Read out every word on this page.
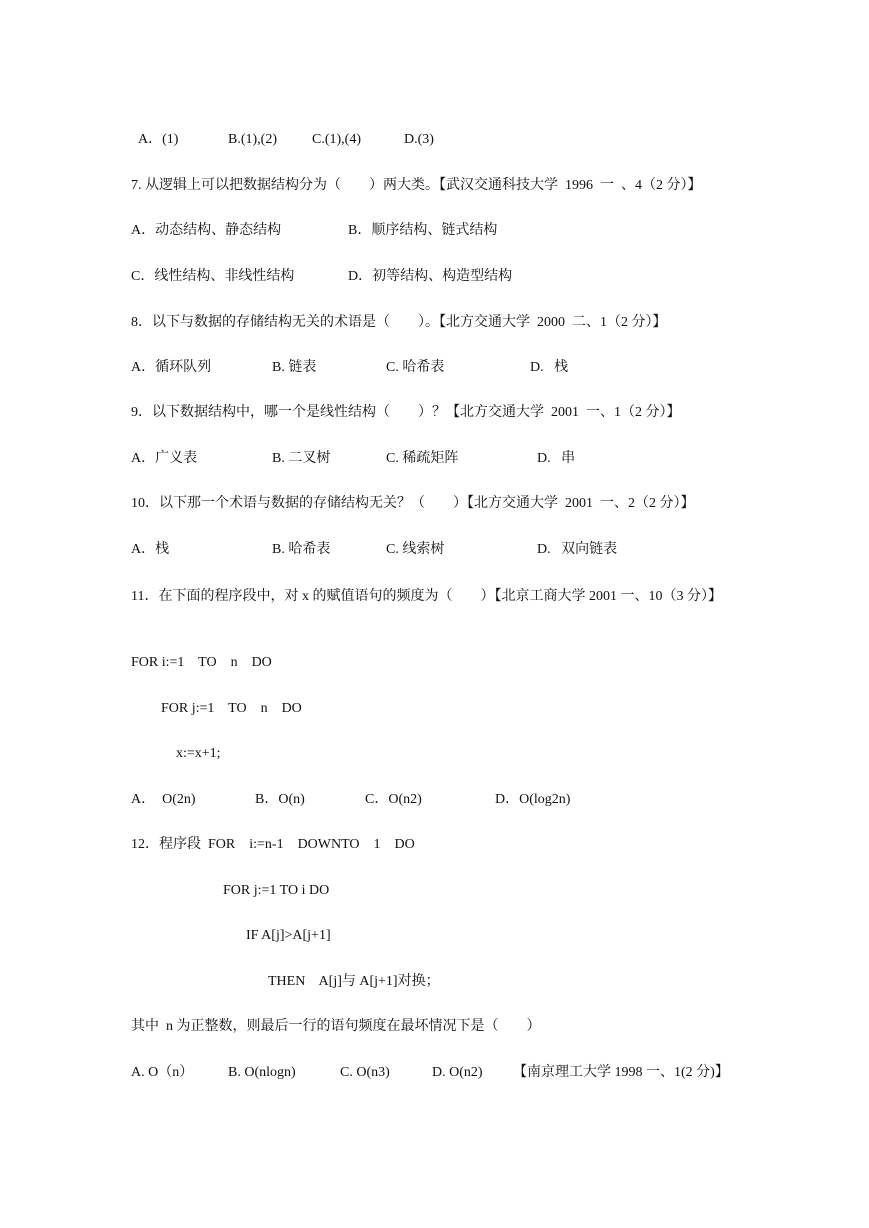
A．(1)	B.(1),(2)	C.(1),(4)	D.(3)
7. 从逻辑上可以把数据结构分为（　　）两大类。【武汉交通科技大学  1996  一  、4（2 分）】
A．动态结构、静态结构	B．顺序结构、链式结构
C．线性结构、非线性结构	D．初等结构、构造型结构
8．以下与数据的存储结构无关的术语是（　　）。【北方交通大学  2000  二、1（2 分）】
A．循环队列	B. 链表	C. 哈希表	D.   栈
9．以下数据结构中，哪一个是线性结构（　　）？【北方交通大学  2001  一、1（2 分）】
A．广义表	B. 二叉树	C. 稀疏矩阵	D.   串
10．以下那一个术语与数据的存储结构无关？（　　）【北方交通大学  2001  一、2（2 分）】
A．栈	B. 哈希表	C. 线索树	D.   双向链表
11．在下面的程序段中，对 x 的赋值语句的频度为（　　）【北京工商大学 2001 一、10（3 分）】
FOR i:=1    TO    n    DO
FOR j:=1    TO    n    DO
x:=x+1;
A．  O(2n)	B．O(n)	C．O(n2)	D．O(log2n)
12．程序段  FOR    i:=n-1    DOWNTO    1    DO
FOR j:=1 TO i DO
IF A[j]>A[j+1]
THEN    A[j]与 A[j+1]对换；
其中  n 为正整数，则最后一行的语句频度在最坏情况下是（　　）
A. O（n） B. O(nlogn)	C. O(n3)	D. O(n2) 【南京理工大学 1998 一、1(2 分)】
